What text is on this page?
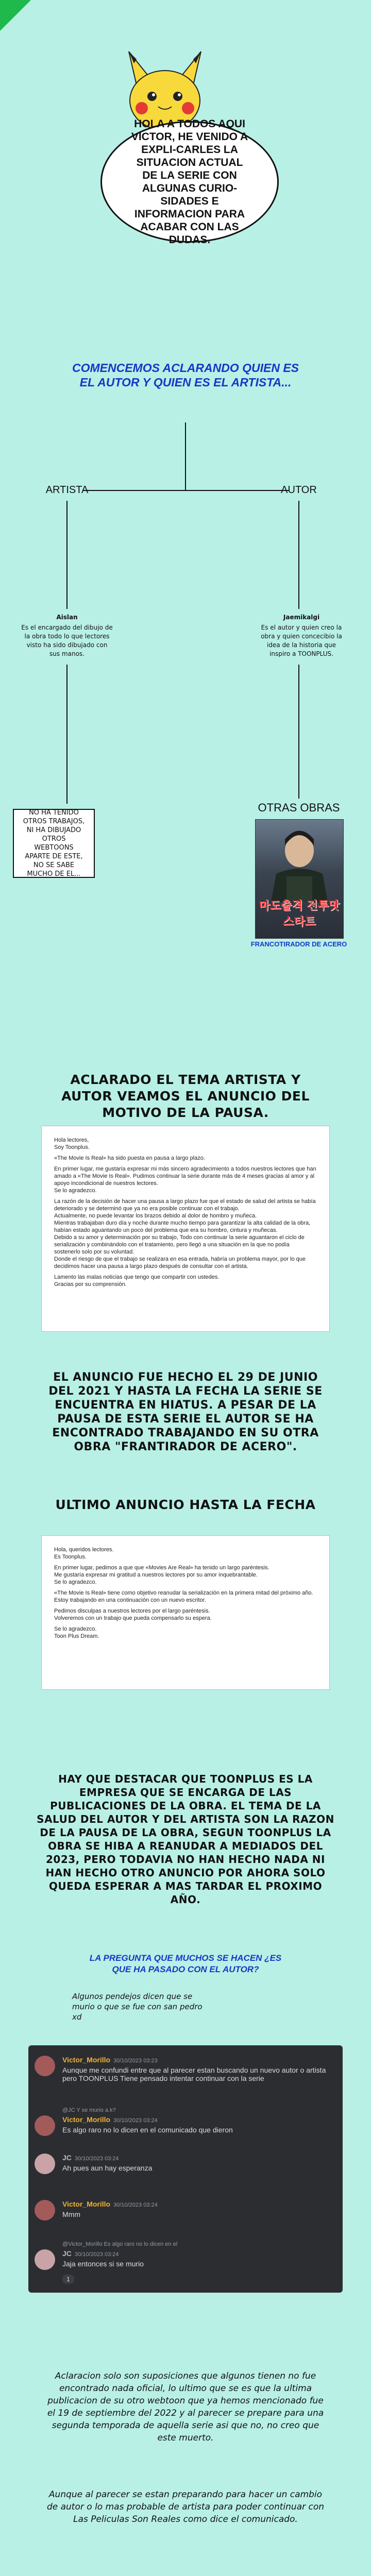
HOLA A TODOS AQUI VICTOR, HE VENIDO A EXPLI-CARLES LA SITUACION ACTUAL DE LA SERIE CON ALGUNAS CURIO-SIDADES E INFORMACION PARA ACABAR CON LAS DUDAS.
COMENCEMOS ACLARANDO QUIEN ES EL AUTOR Y QUIEN ES EL ARTISTA...
ARTISTA	AUTOR
Aislan
Es el encargado del dibujo de la obra todo lo que lectores visto ha sido dibujado con sus manos.
Jaemikalgi
Es el autor y quien creo la obra y quien concecibio la idea de la historia que inspiro a TOONPLUS.
NO HA TENIDO OTROS TRABAJOS, NI HA DIBUJADO OTROS WEBTOONS APARTE DE ESTE, NO SE SABE MUCHO DE EL...
OTRAS OBRAS
마도출격 전투맛 스타트
FRANCOTIRADOR DE ACERO
ACLARADO EL TEMA ARTISTA Y AUTOR VEAMOS EL ANUNCIO DEL MOTIVO DE LA PAUSA.

Hola lectores,
Soy Toonplus.

«The Movie Is Real» ha sido puesta en pausa a largo plazo.

En primer lugar, me gustaría expresar mi más sincero agradecimiento a todos nuestros lectores que han amado a «The Movie Is Real». Pudimos continuar la serie durante más de 4 meses gracias al amor y al apoyo incondicional de nuestros lectores.
Se lo agradezco.

La razón de la decisión de hacer una pausa a largo plazo fue que el estado de salud del artista se había deteriorado y se determinó que ya no era posible continuar con el trabajo.
Actualmente, no puede levantar los brazos debido al dolor de hombro y muñeca.
Mientras trabajaban duro día y noche durante mucho tiempo para garantizar la alta calidad de la obra, habían estado aguantando un poco del problema que era su hombro, cintura y muñecas.
Debido a su amor y determinación por su trabajo, Todo con continuar la serie aguantaron el ciclo de serialización y combinándolo con el tratamiento, pero llegó a una situación en la que no podía sostenerlo solo por su voluntad.
Donde el riesgo de que el trabajo se realizara en esa entrada, habría un problema mayor, por lo que decidimos hacer una pausa a largo plazo después de consultar con el artista.

Lamento las malas noticias que tengo que compartir con ustedes.
Gracias por su comprensión.

EL ANUNCIO FUE HECHO EL 29 DE JUNIO DEL 2021 Y HASTA LA FECHA LA SERIE SE ENCUENTRA EN HIATUS. A PESAR DE LA PAUSA DE ESTA SERIE EL AUTOR SE HA ENCONTRADO TRABAJANDO EN SU OTRA OBRA "FRANTIRADOR DE ACERO".
ULTIMO ANUNCIO HASTA LA FECHA

Hola, queridos lectores.
Es Toonplus.

En primer lugar, pedimos a que que «Movies Are Real» ha tenido un largo paréntesis.
Me gustaría expresar mi gratitud a nuestros lectores por su amor inquebrantable.
Se lo agradezco.

«The Movie Is Real» tiene como objetivo reanudar la serialización en la primera mitad del próximo año.
Estoy trabajando en una continuación con un nuevo escritor.

Pedimos disculpas a nuestros lectores por el largo paréntesis.
Volveremos con un trabajo que pueda compensarlo su espera.

Se lo agradezco.
Toon Plus Dream.

HAY QUE DESTACAR QUE TOONPLUS ES LA EMPRESA QUE SE ENCARGA DE LAS PUBLICACIONES DE LA OBRA. EL TEMA DE LA SALUD DEL AUTOR Y DEL ARTISTA SON LA RAZON DE LA PAUSA DE LA OBRA, SEGUN TOONPLUS LA OBRA SE HIBA A REANUDAR A MEDIADOS DEL 2023, PERO TODAVIA NO HAN HECHO NADA NI HAN HECHO OTRO ANUNCIO POR AHORA SOLO QUEDA ESPERAR A MAS TARDAR EL PROXIMO AÑO.
LA PREGUNTA QUE MUCHOS SE HACEN ¿ES QUE HA PASADO CON EL AUTOR?
Algunos pendejos dicen que se murio o que se fue con san pedro xd
Victor_Morillo 30/10/2023 03:23
Aunque me confundi entre que al parecer estan buscando un nuevo autor o artista pero TOONPLUS Tiene pensado intentar continuar con la serie
@JC Y se murio a.k?
Victor_Morillo 30/10/2023 03:24
Es algo raro no lo dicen en el comunicado que dieron
JC 30/10/2023 03:24
Ah pues aun hay esperanza
Victor_Morillo 30/10/2023 03:24
Mmm
@Victor_Morillo Es algo raro no lo dicen en el
JC 30/10/2023 03:24
Jaja entonces si se murio
1
Aclaracion solo son suposiciones que algunos tienen no fue encontrado nada oficial, lo ultimo que se es que la ultima publicacion de su otro webtoon que ya hemos mencionado fue el 19 de septiembre del 2022 y al parecer se prepare para una segunda temporada de aquella serie asi que no, no creo que este muerto.
Aunque al parecer se estan preparando para hacer un cambio de autor o lo mas probable de artista para poder continuar con Las Peliculas Son Reales como dice el comunicado.
